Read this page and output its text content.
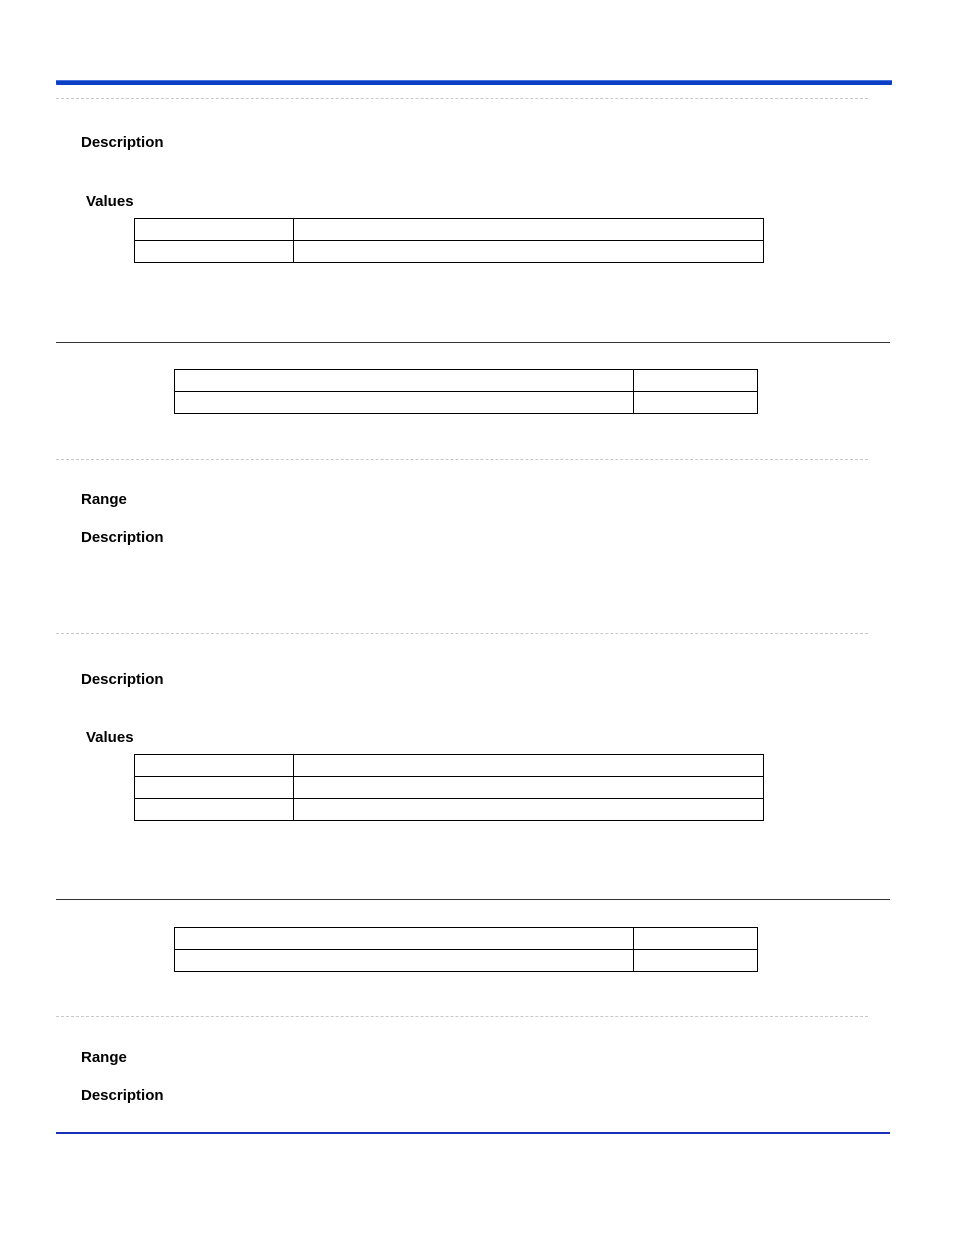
Description
Values

Range
Description
Description
Values

Range
Description
